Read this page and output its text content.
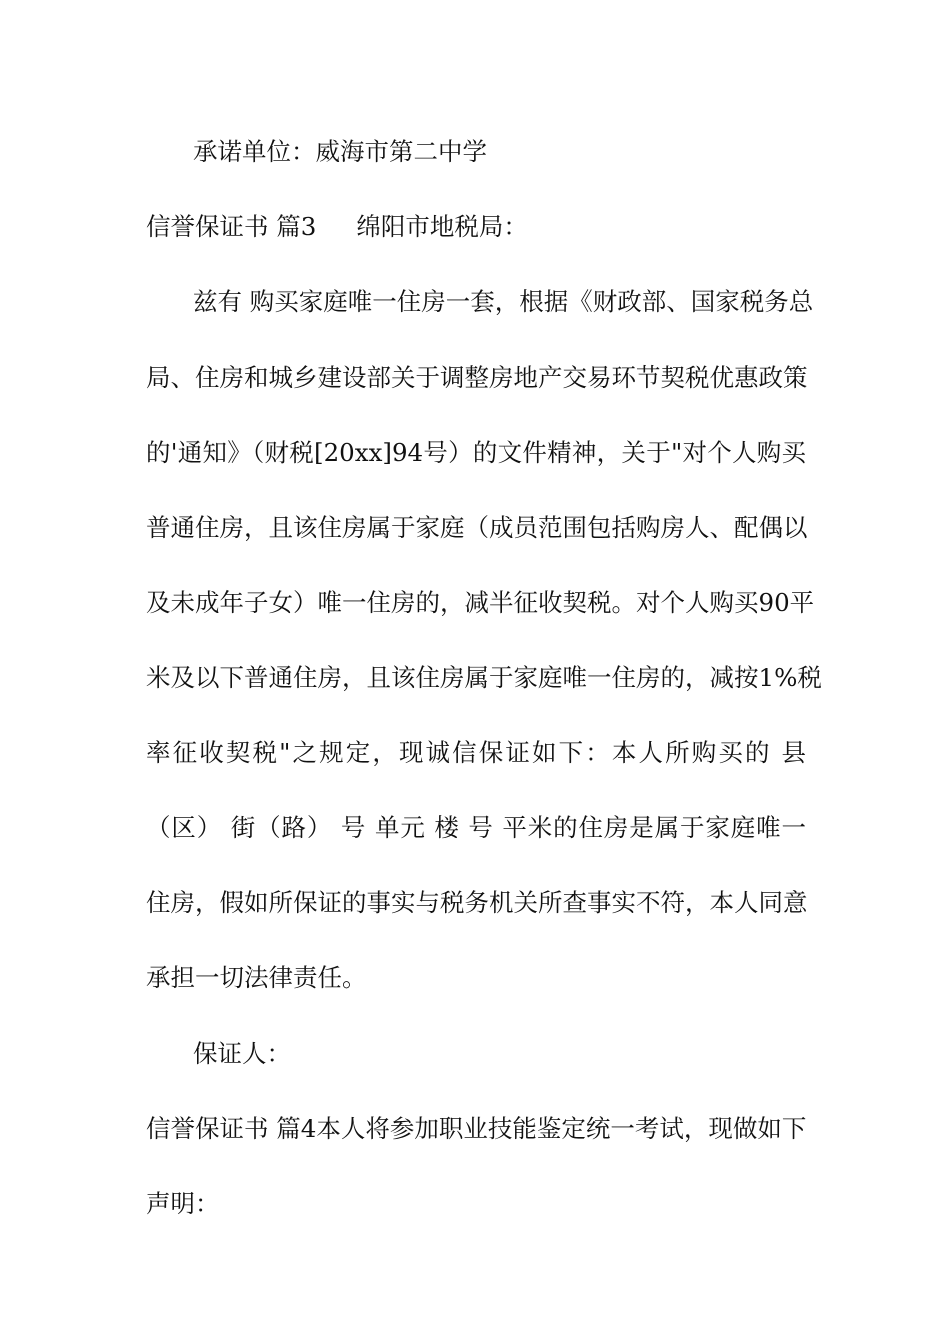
承诺单位：威海市第二中学
信誉保证书 篇3 绵阳市地税局：
兹有 购买家庭唯一住房一套，根据《财政部、国家税务总
局、住房和城乡建设部关于调整房地产交易环节契税优惠政策
的'通知》（财税[20xx]94号）的文件精神，关于"对个人购买
普通住房，且该住房属于家庭（成员范围包括购房人、配偶以
及未成年子女）唯一住房的，减半征收契税。对个人购买90平
米及以下普通住房，且该住房属于家庭唯一住房的，减按1%税
率征收契税"之规定，现诚信保证如下：本人所购买的 县
（区） 街（路） 号 单元 楼 号 平米的住房是属于家庭唯一
住房，假如所保证的事实与税务机关所查事实不符，本人同意
承担一切法律责任。
保证人：
信誉保证书 篇4本人将参加职业技能鉴定统一考试，现做如下
声明：
